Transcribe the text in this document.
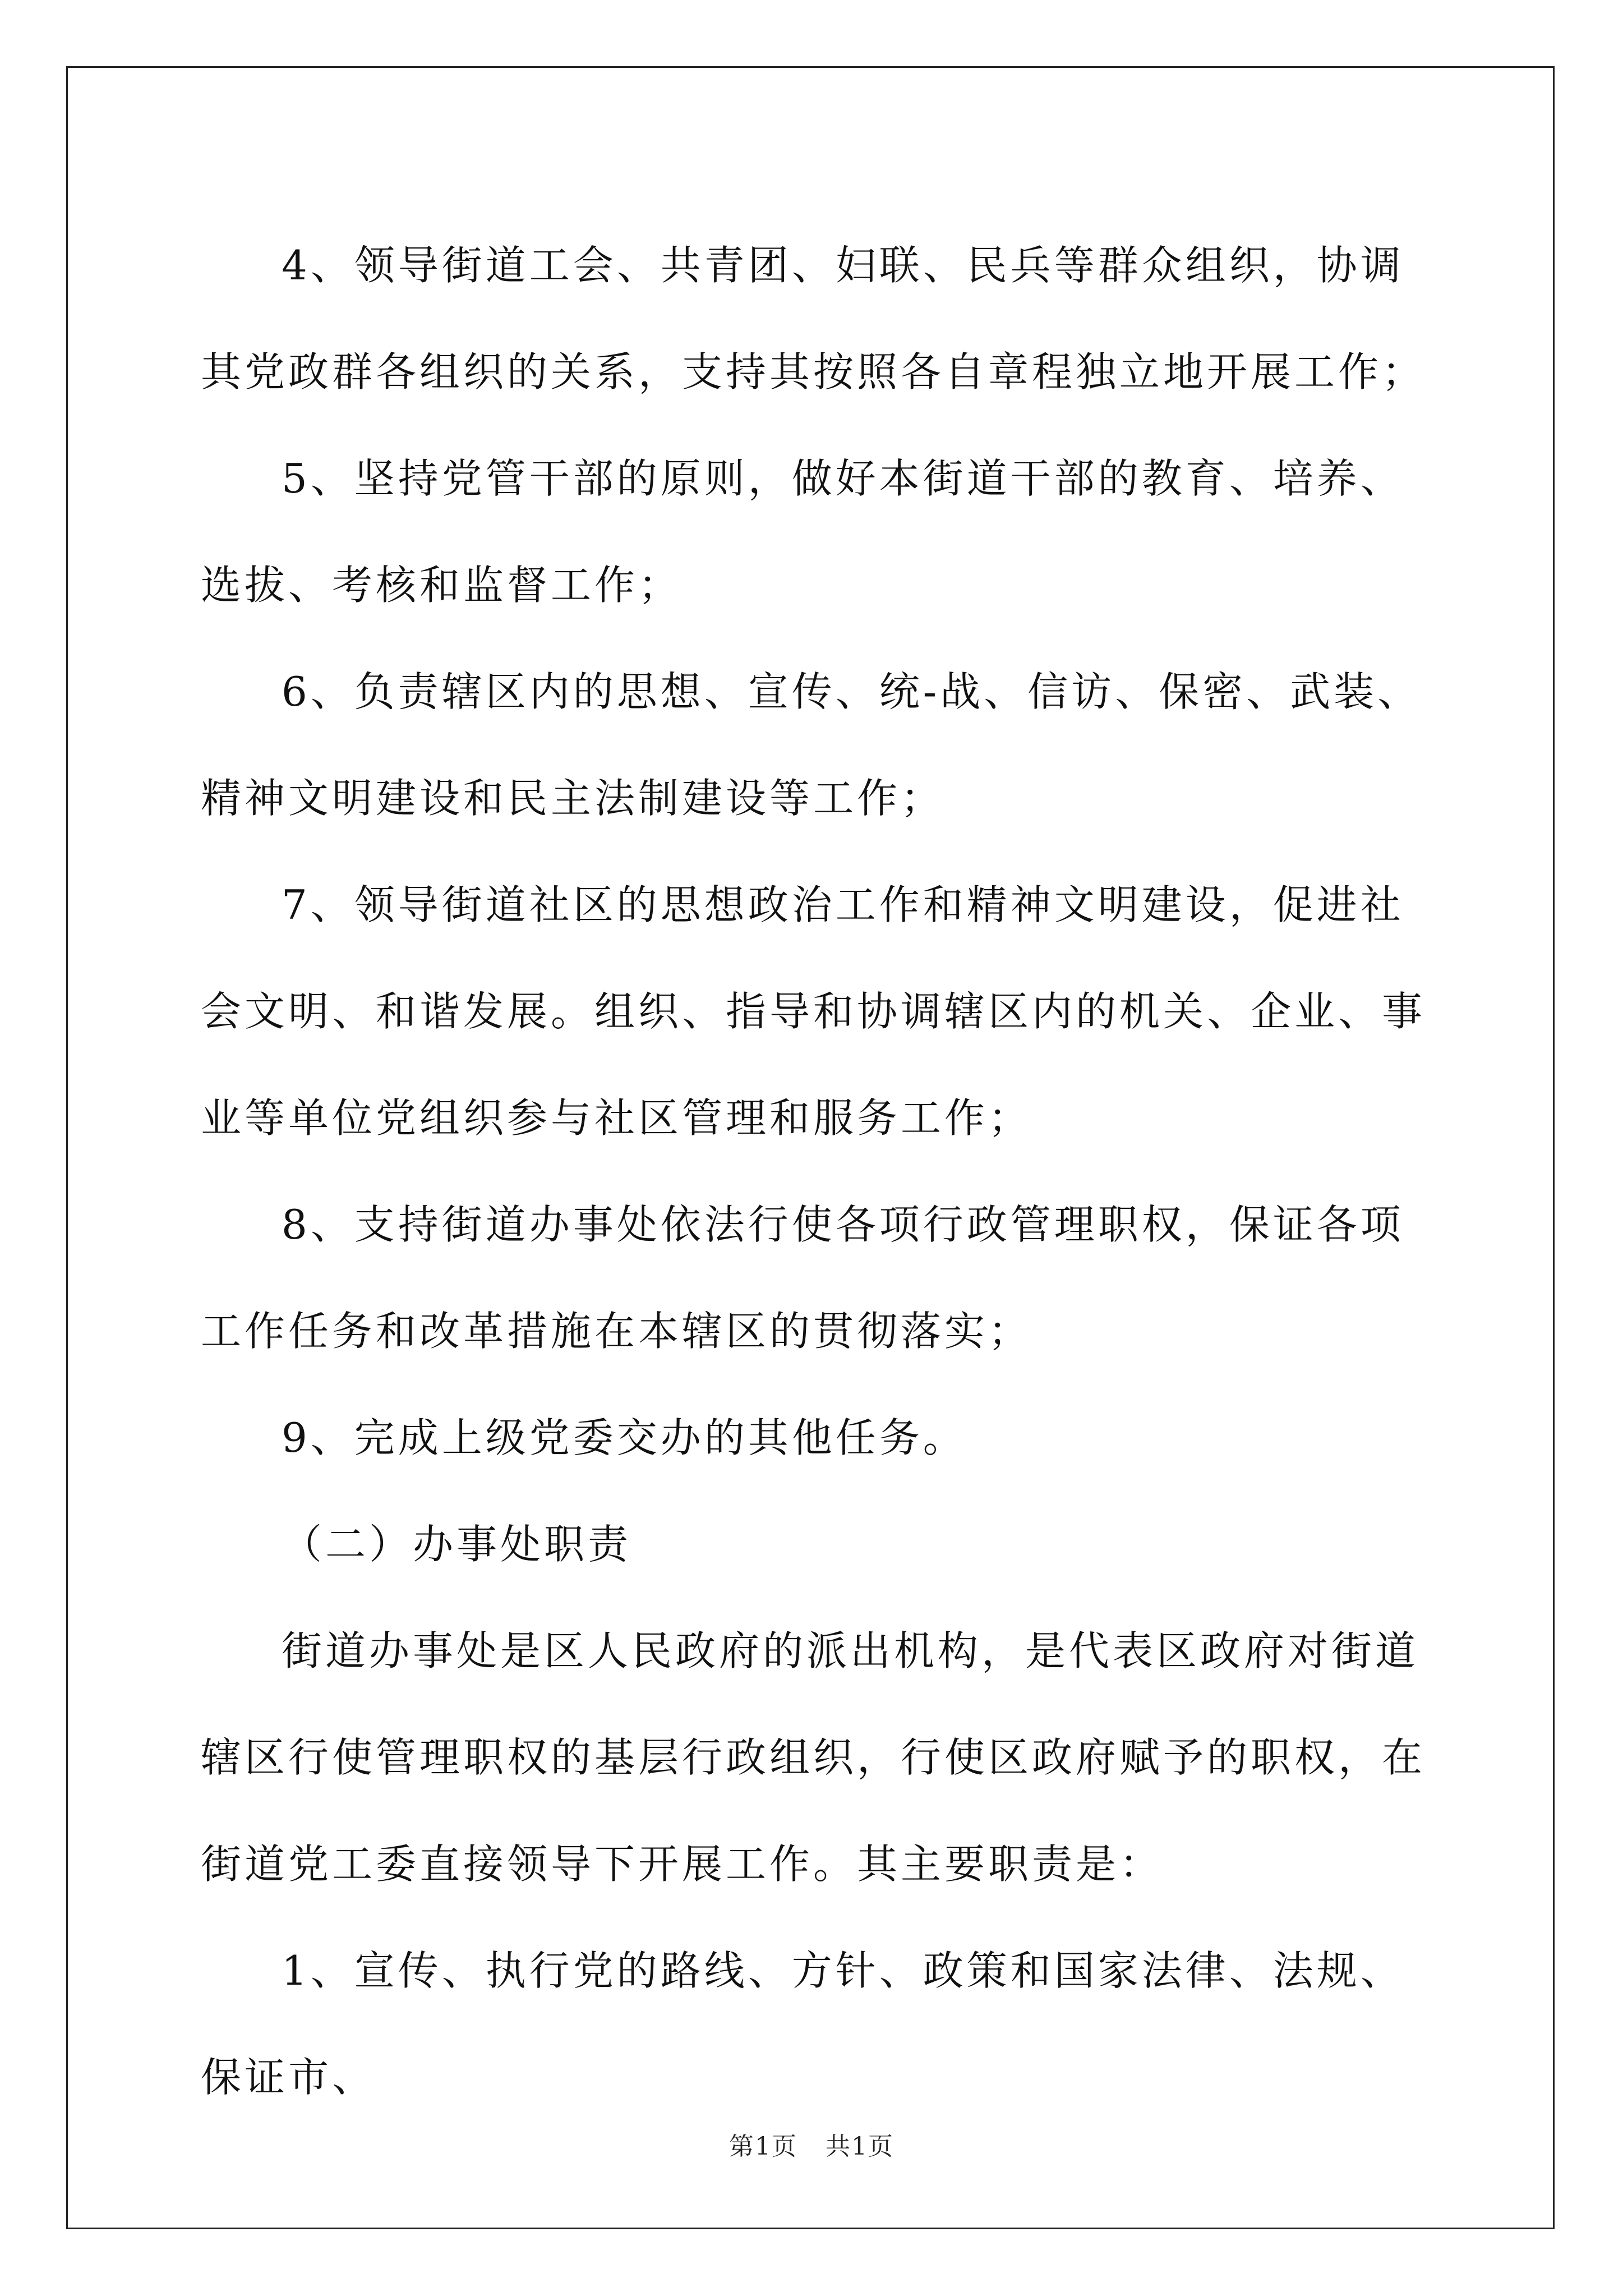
4、领导街道工会、共青团、妇联、民兵等群众组织，协调其党政群各组织的关系，支持其按照各自章程独立地开展工作；

5、坚持党管干部的原则，做好本街道干部的教育、培养、选拔、考核和监督工作；

6、负责辖区内的思想、宣传、统-战、信访、保密、武装、精神文明建设和民主法制建设等工作；

7、领导街道社区的思想政治工作和精神文明建设，促进社会文明、和谐发展。组织、指导和协调辖区内的机关、企业、事业等单位党组织参与社区管理和服务工作；

8、支持街道办事处依法行使各项行政管理职权，保证各项工作任务和改革措施在本辖区的贯彻落实；

9、完成上级党委交办的其他任务。

（二）办事处职责

街道办事处是区人民政府的派出机构，是代表区政府对街道辖区行使管理职权的基层行政组织，行使区政府赋予的职权，在街道党工委直接领导下开展工作。其主要职责是：

1、宣传、执行党的路线、方针、政策和国家法律、法规、保证市、

第1页 共1页
